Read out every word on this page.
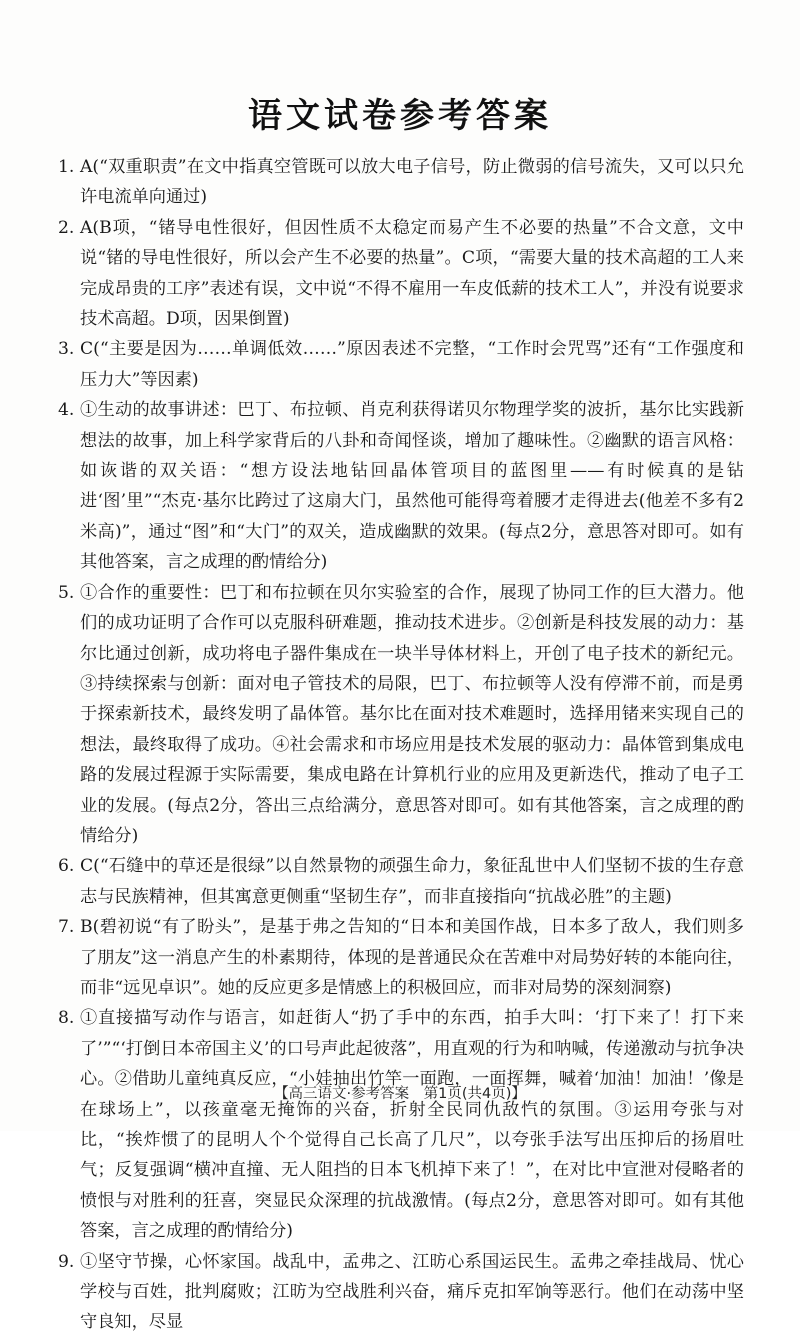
语文试卷参考答案
1. A(“双重职责”在文中指真空管既可以放大电子信号，防止微弱的信号流失，又可以只允许电流单向通过)
2. A(B项，“锗导电性很好，但因性质不太稳定而易产生不必要的热量”不合文意，文中说“锗的导电性很好，所以会产生不必要的热量”。C项，“需要大量的技术高超的工人来完成昂贵的工序”表述有误，文中说“不得不雇用一车皮低薪的技术工人”，并没有说要求技术高超。D项，因果倒置)
3. C(“主要是因为……单调低效……”原因表述不完整，“工作时会咒骂”还有“工作强度和压力大”等因素)
4. ①生动的故事讲述：巴丁、布拉顿、肖克利获得诺贝尔物理学奖的波折，基尔比实践新想法的故事，加上科学家背后的八卦和奇闻怪谈，增加了趣味性。②幽默的语言风格：如诙谐的双关语：“想方设法地钻回晶体管项目的蓝图里——有时候真的是钻进‘图’里”“杰克·基尔比跨过了这扇大门，虽然他可能得弯着腰才走得进去(他差不多有2米高)”，通过“图”和“大门”的双关，造成幽默的效果。(每点2分，意思答对即可。如有其他答案，言之成理的酌情给分)
5. ①合作的重要性：巴丁和布拉顿在贝尔实验室的合作，展现了协同工作的巨大潜力。他们的成功证明了合作可以克服科研难题，推动技术进步。②创新是科技发展的动力：基尔比通过创新，成功将电子器件集成在一块半导体材料上，开创了电子技术的新纪元。③持续探索与创新：面对电子管技术的局限，巴丁、布拉顿等人没有停滞不前，而是勇于探索新技术，最终发明了晶体管。基尔比在面对技术难题时，选择用锗来实现自己的想法，最终取得了成功。④社会需求和市场应用是技术发展的驱动力：晶体管到集成电路的发展过程源于实际需要，集成电路在计算机行业的应用及更新迭代，推动了电子工业的发展。(每点2分，答出三点给满分，意思答对即可。如有其他答案，言之成理的酌情给分)
6. C(“石缝中的草还是很绿”以自然景物的顽强生命力，象征乱世中人们坚韧不拔的生存意志与民族精神，但其寓意更侧重“坚韧生存”，而非直接指向“抗战必胜”的主题)
7. B(碧初说“有了盼头”，是基于弗之告知的“日本和美国作战，日本多了敌人，我们则多了朋友”这一消息产生的朴素期待，体现的是普通民众在苦难中对局势好转的本能向往，而非“远见卓识”。她的反应更多是情感上的积极回应，而非对局势的深刻洞察)
8. ①直接描写动作与语言，如赶街人“扔了手中的东西，拍手大叫：‘打下来了！打下来了’”“‘打倒日本帝国主义’的口号声此起彼落”，用直观的行为和呐喊，传递激动与抗争决心。②借助儿童纯真反应，“小娃抽出竹竿一面跑，一面挥舞，喊着‘加油！加油！’像是在球场上”，以孩童毫无掩饰的兴奋，折射全民同仇敌忾的氛围。③运用夸张与对比，“挨炸惯了的昆明人个个觉得自己长高了几尺”，以夸张手法写出压抑后的扬眉吐气；反复强调“横冲直撞、无人阻挡的日本飞机掉下来了！”，在对比中宣泄对侵略者的愤恨与对胜利的狂喜，突显民众深理的抗战激情。(每点2分，意思答对即可。如有其他答案，言之成理的酌情给分)
9. ①坚守节操，心怀家国。战乱中，孟弗之、江昉心系国运民生。孟弗之牵挂战局、忧心学校与百姓，批判腐败；江昉为空战胜利兴奋，痛斥克扣军饷等恶行。他们在动荡中坚守良知，尽显
【高三语文·参考答案　第1页(共4页)】
